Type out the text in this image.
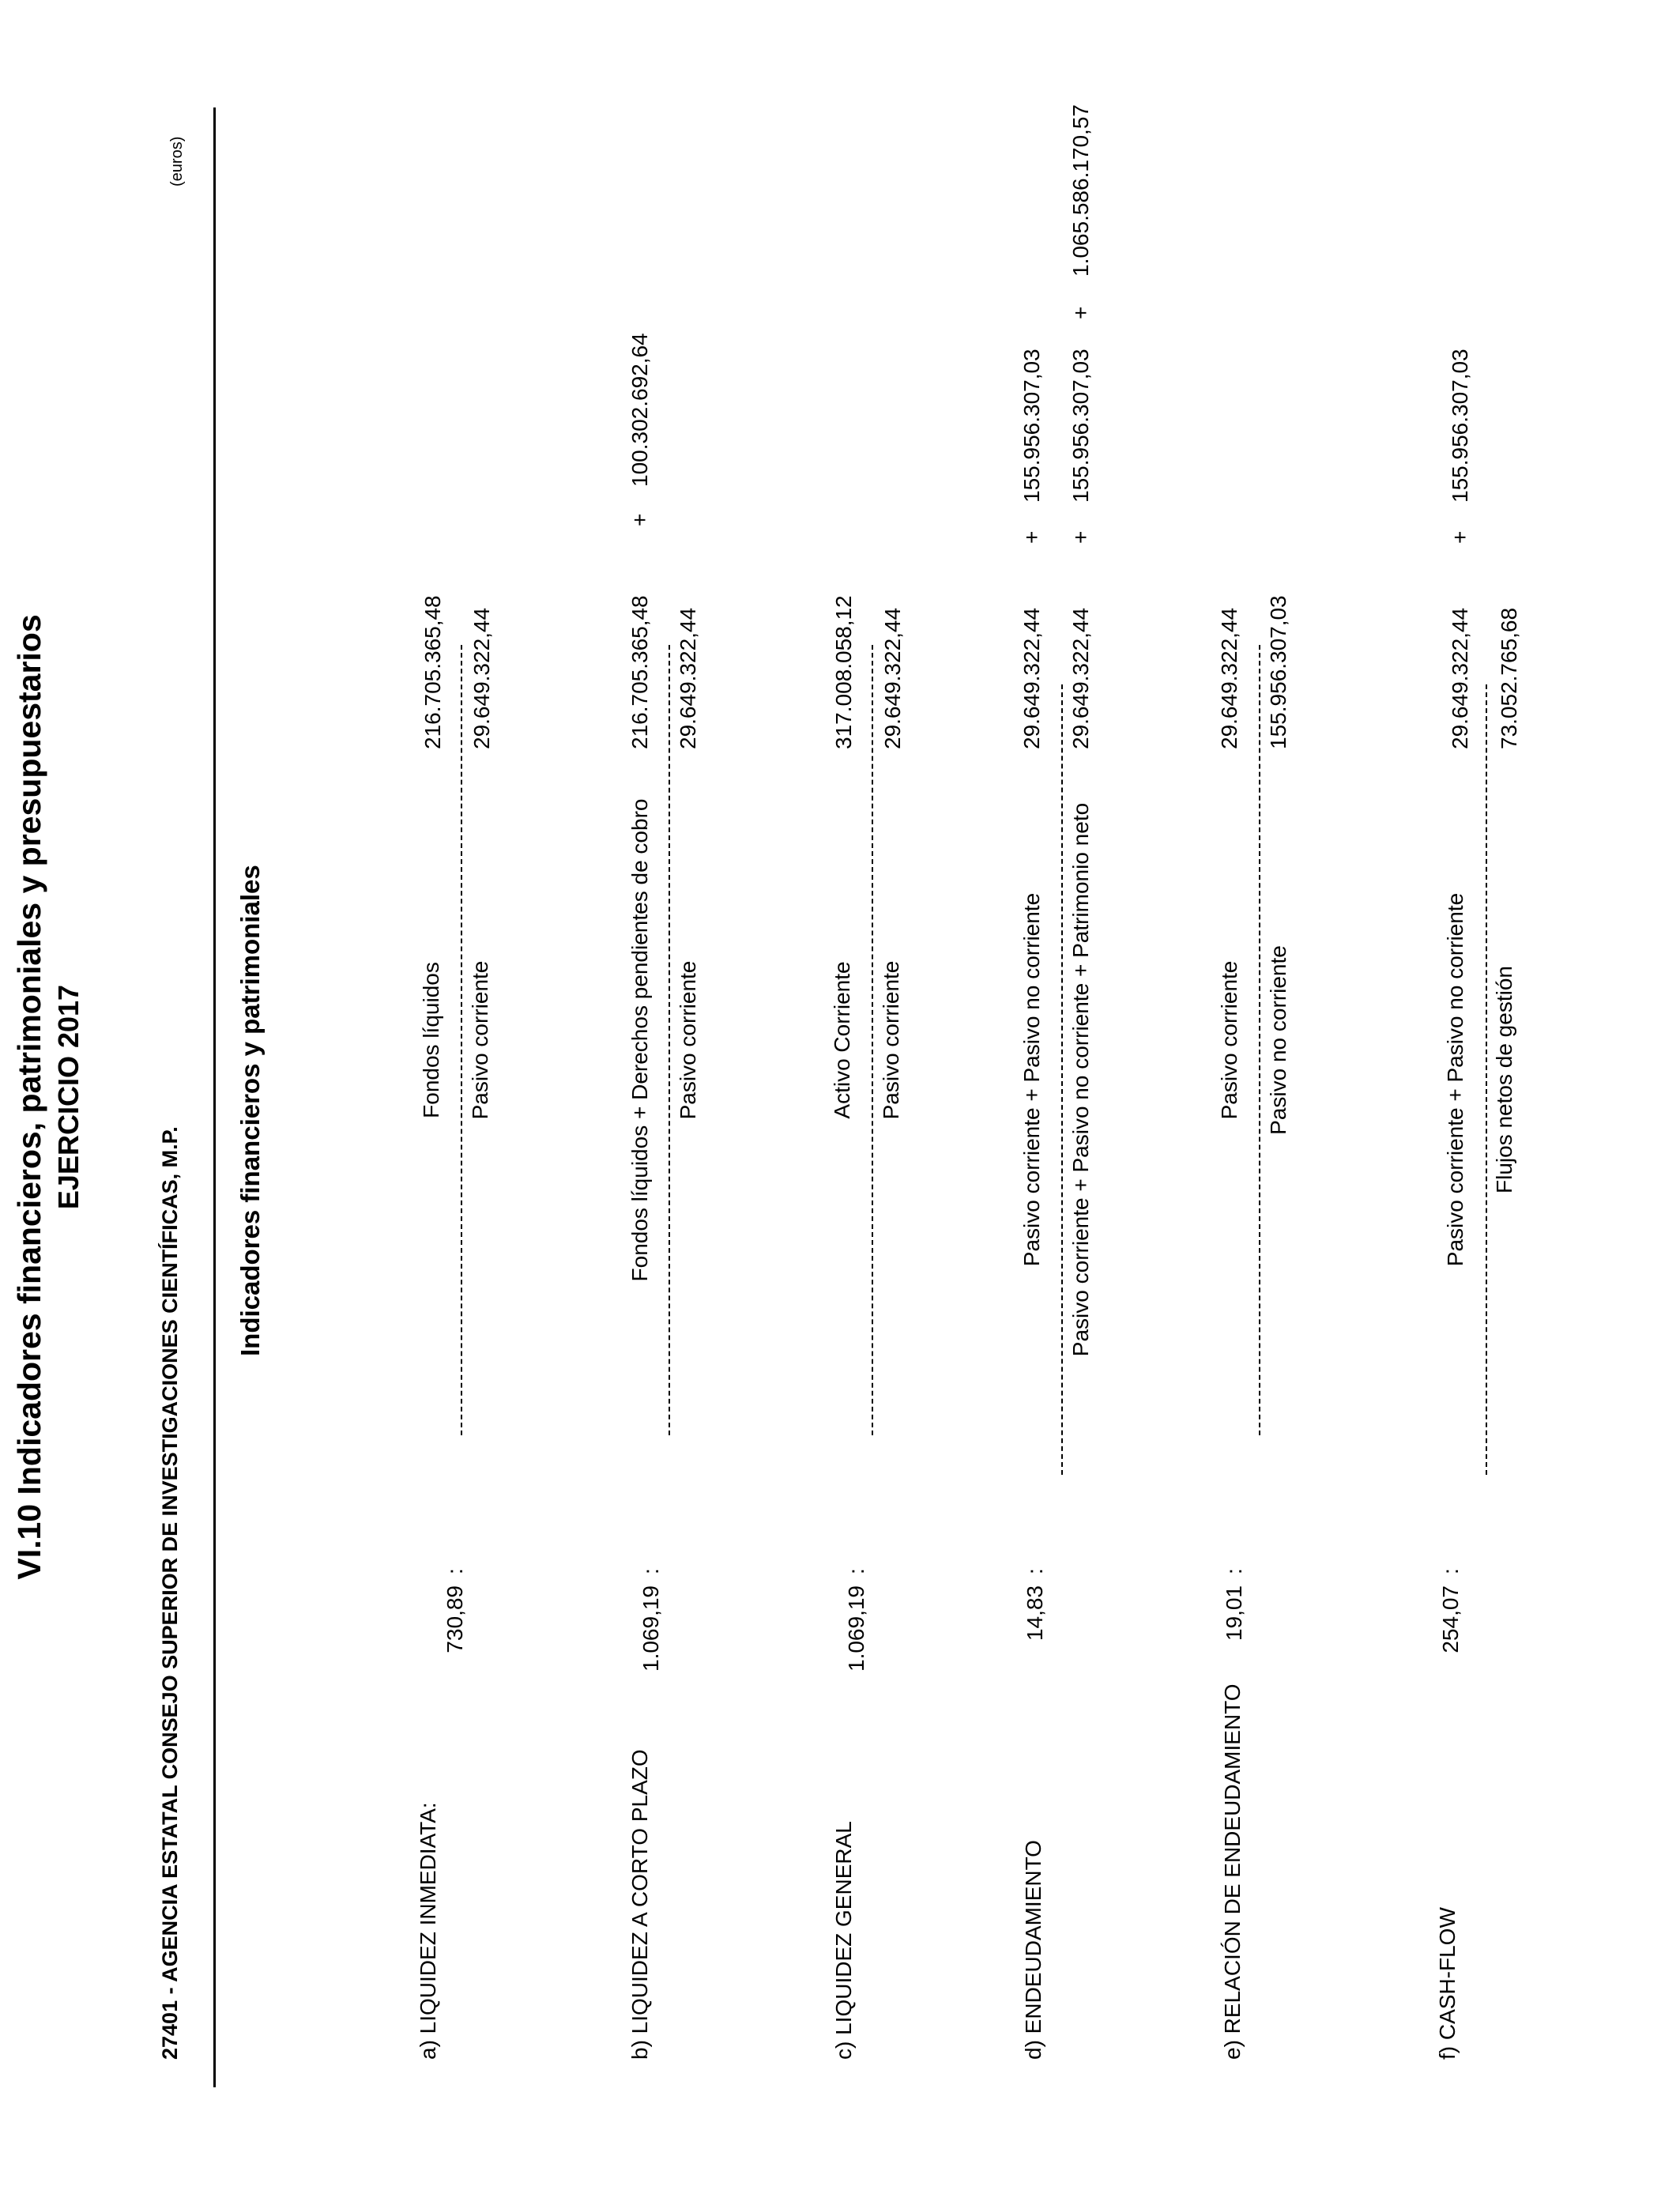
VI.10 Indicadores financieros, patrimoniales y presupuestarios EJERCICIO 2017
27401 - AGENCIA ESTATAL CONSEJO SUPERIOR DE INVESTIGACIONES CIENTÍFICAS, M.P.
(euros)
Indicadores financieros y patrimoniales
a) LIQUIDEZ INMEDIATA:
730,89
:
Fondos líquidos Pasivo corriente
216.705.365,48 29.649.322,44
b) LIQUIDEZ A CORTO PLAZO
1.069,19
:
Fondos líquidos + Derechos pendientes de cobro Pasivo corriente
216.705.365,48
+
100.302.692,64
29.649.322,44
c) LIQUIDEZ GENERAL
1.069,19
:
Activo Corriente Pasivo corriente
317.008.058,12 29.649.322,44
d) ENDEUDAMIENTO
14,83
:
Pasivo corriente + Pasivo no corriente Pasivo corriente + Pasivo no corriente + Patrimonio neto
29.649.322,44
+
155.956.307,03
29.649.322,44
+
155.956.307,03
+
1.065.586.170,57
e) RELACIÓN DE ENDEUDAMIENTO
19,01
:
Pasivo corriente Pasivo no corriente
29.649.322,44 155.956.307,03
f) CASH-FLOW
254,07
:
Pasivo corriente + Pasivo no corriente Flujos netos de gestión
29.649.322,44
+
155.956.307,03
73.052.765,68
